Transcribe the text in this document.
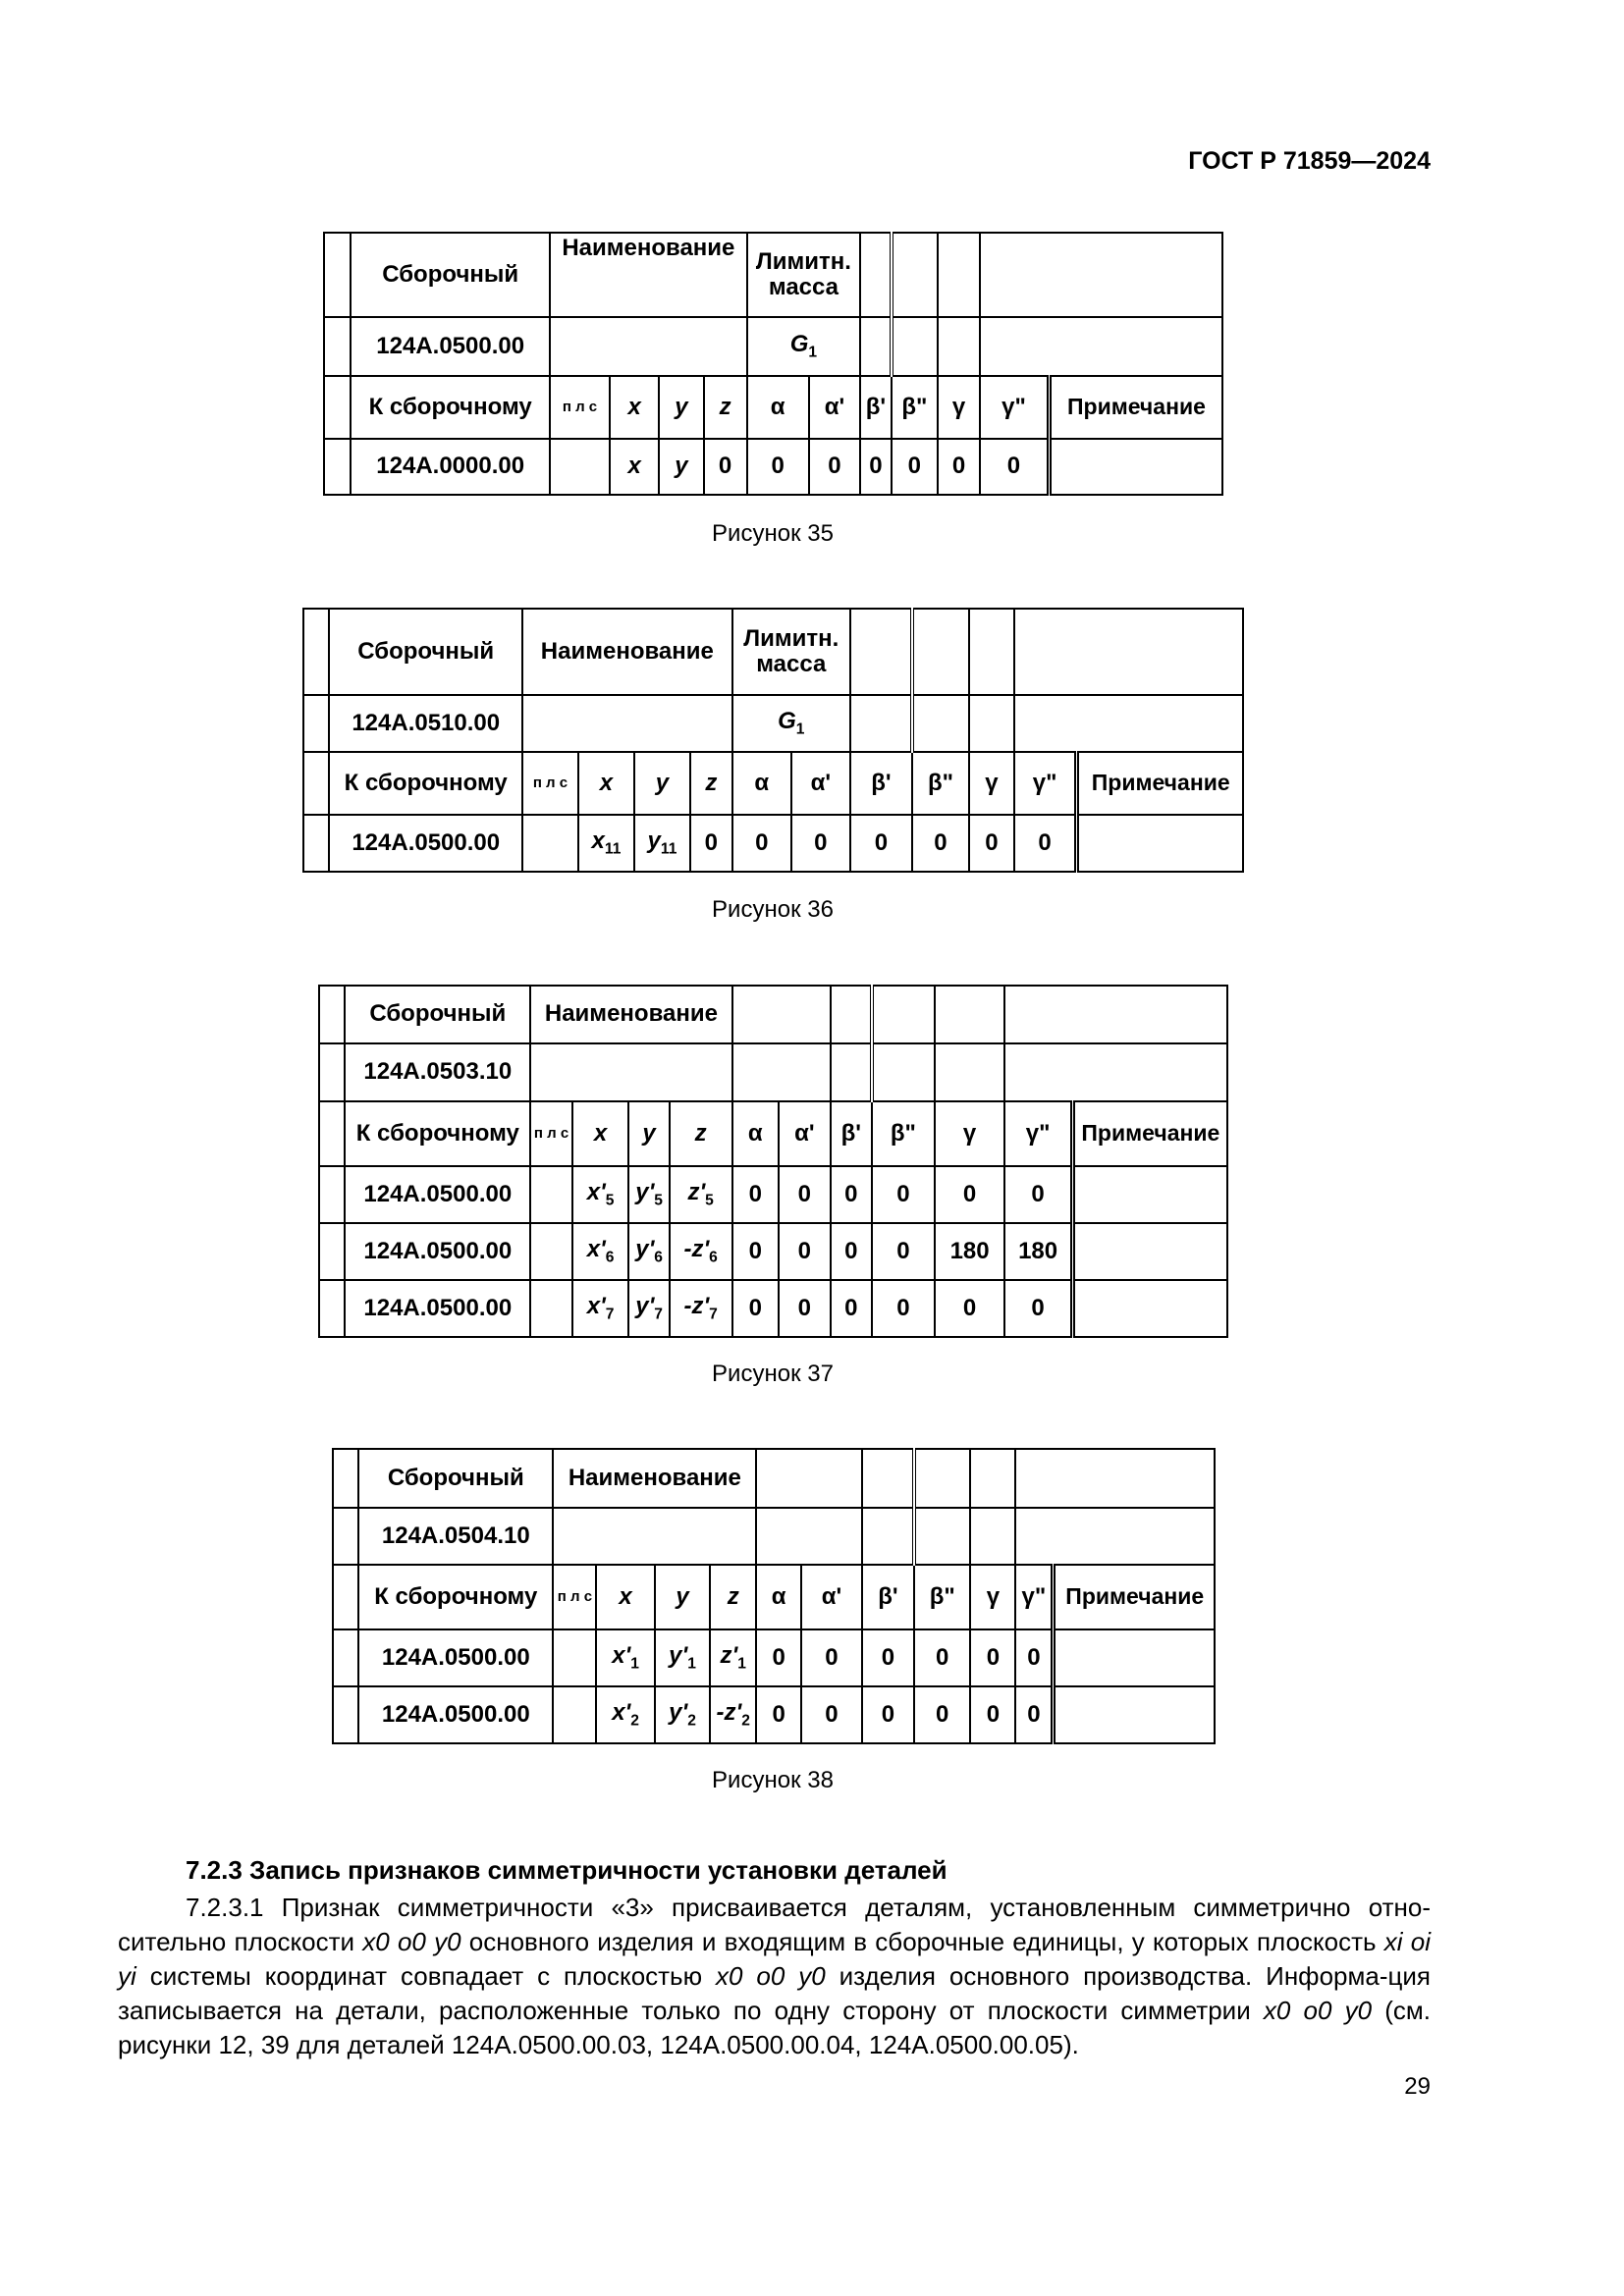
ГОСТ Р 71859—2024
	Сборочный	Наименование				Лимитн.
масса						
	124А.0500.00					$G_1$				
	К сборочному	п л с	x	y	z	α	α'	β'	β"	γ	γ"	Примечание
	124А.0000.00		x	y	0	0	0	0	0	0	0	
Рисунок 35
	Сборочный	Наименование				Лимитн.
масса						
	124А.0510.00					$G_1$				
	К сборочному	п л с	x	y	z	α	α'	β'	β"	γ	γ"	Примечание
	124А.0500.00		$x_{11}$	$y_{11}$	0	0	0	0	0	0	0	
Рисунок 36
	Сборочный	Наименование										
	124А.0503.10											
	К сборочному	п л с	x	y	z	α	α'	β'	β"	γ	γ"	Примечание
	124А.0500.00		$x'_5$	$y'_5$	$z'_5$	0	0	0	0	0	0	
	124А.0500.00		$x'_6$	$y'_6$	$-z'_6$	0	0	0	0	180	180	
	124А.0500.00		$x'_7$	$y'_7$	$-z'_7$	0	0	0	0	0	0	
Рисунок 37
	Сборочный	Наименование										
	124А.0504.10											
	К сборочному	п л с	x	y	z	α	α'	β'	β"	γ	γ"	Примечание
	124А.0500.00		$x'_1$	$y'_1$	$z'_1$	0	0	0	0	0	0	
	124А.0500.00		$x'_2$	$y'_2$	$-z'_2$	0	0	0	0	0	0	
Рисунок 38
7.2.3 Запись признаков симметричности установки деталей
7.2.3.1 Признак симметричности «3» присваивается деталям, установленным симметрично отно-сительно плоскости x0 o0 y0 основного изделия и входящим в сборочные единицы, у которых плоскость xi oi yi системы координат совпадает с плоскостью x0 o0 y0 изделия основного производства. Информа-ция записывается на детали, расположенные только по одну сторону от плоскости симметрии x0 o0 y0 (см. рисунки 12, 39 для деталей 124А.0500.00.03, 124А.0500.00.04, 124А.0500.00.05).
29
